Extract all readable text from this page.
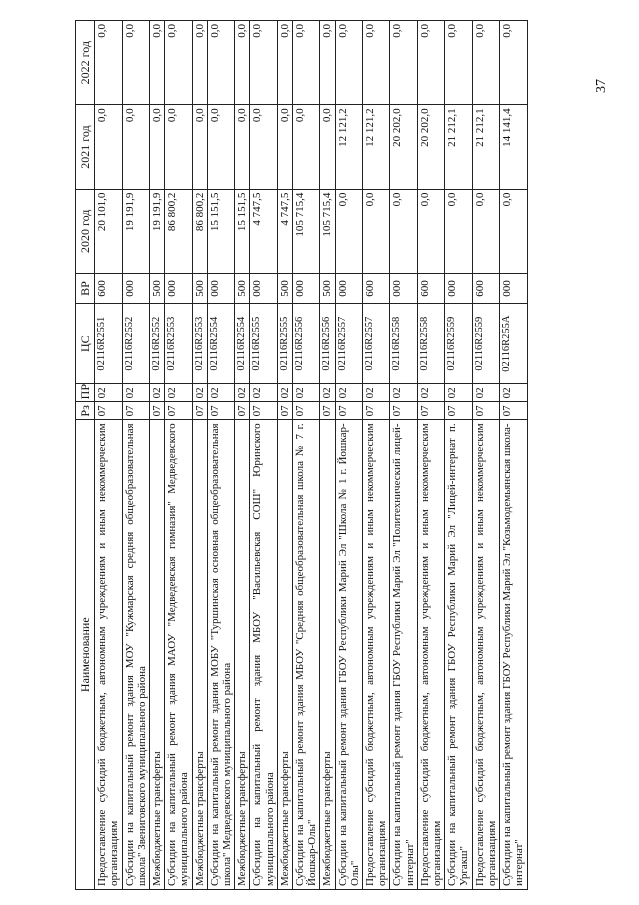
37
Наименование	Рз	ПР	ЦС	ВР	2020 год	2021 год	2022 год
Предоставление субсидий бюджетным, автономным учреждениям и иным некоммерческим организациям	07	02	02116R2551	600	20 101,0	0,0	0,0
Субсидии на капитальный ремонт здания МОУ "Кужмарская средняя общеобразовательная школа" Звениговского муниципального района	07	02	02116R2552	000	19 191,9	0,0	0,0
Межбюджетные трансферты	07	02	02116R2552	500	19 191,9	0,0	0,0
Субсидии на капитальный ремонт здания МАОУ "Медведевская гимназия" Медведевского муниципального района	07	02	02116R2553	000	86 800,2	0,0	0,0
Межбюджетные трансферты	07	02	02116R2553	500	86 800,2	0,0	0,0
Субсидии на капитальный ремонт здания МОБУ "Туршинская основная общеобразовательная школа" Медведевского муниципального района	07	02	02116R2554	000	15 151,5	0,0	0,0
Межбюджетные трансферты	07	02	02116R2554	500	15 151,5	0,0	0,0
Субсидии на капитальный ремонт здания МБОУ "Васильевская СОШ" Юринского муниципального района	07	02	02116R2555	000	4 747,5	0,0	0,0
Межбюджетные трансферты	07	02	02116R2555	500	4 747,5	0,0	0,0
Субсидии на капитальный ремонт здания МБОУ "Средняя общеобразовательная школа № 7 г. Йошкар-Олы"	07	02	02116R2556	000	105 715,4	0,0	0,0
Межбюджетные трансферты	07	02	02116R2556	500	105 715,4	0,0	0,0
Субсидии на капитальный ремонт здания ГБОУ Республики Марий Эл "Школа № 1 г. Йошкар-Олы"	07	02	02116R2557	000	0,0	12 121,2	0,0
Предоставление субсидий бюджетным, автономным учреждениям и иным некоммерческим организациям	07	02	02116R2557	600	0,0	12 121,2	0,0
Субсидии на капитальный ремонт здания ГБОУ Республики Марий Эл "Политехнический лицей-интернат"	07	02	02116R2558	000	0,0	20 202,0	0,0
Предоставление субсидий бюджетным, автономным учреждениям и иным некоммерческим организациям	07	02	02116R2558	600	0,0	20 202,0	0,0
Субсидии на капитальный ремонт здания ГБОУ Республики Марий Эл "Лицей-интернат п. Ургакш"	07	02	02116R2559	000	0,0	21 212,1	0,0
Предоставление субсидий бюджетным, автономным учреждениям и иным некоммерческим организациям	07	02	02116R2559	600	0,0	21 212,1	0,0
Субсидии на капитальный ремонт здания ГБОУ Республики Марий Эл "Козьмодемьянская школа-интернат"	07	02	02116R255A	000	0,0	14 141,4	0,0
